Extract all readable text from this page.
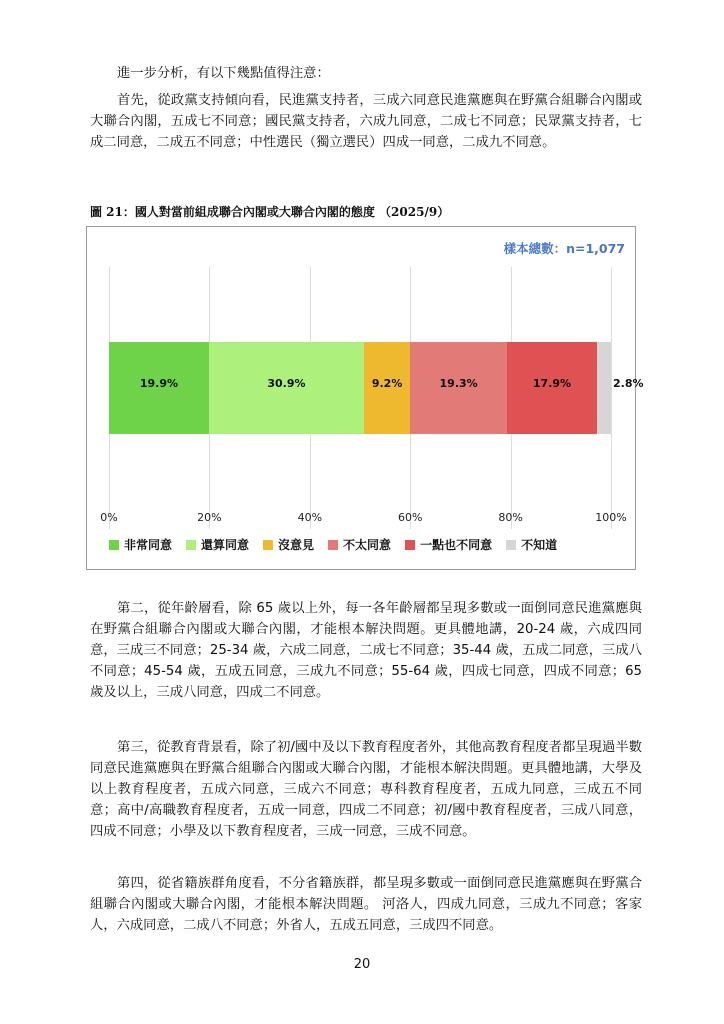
進一步分析，有以下幾點值得注意：
首先，從政黨支持傾向看，民進黨支持者，三成六同意民進黨應與在野黨合組聯合內閣或大聯合內閣，五成七不同意；國民黨支持者，六成九同意，二成七不同意；民眾黨支持者，七成二同意，二成五不同意；中性選民（獨立選民）四成一同意，二成九不同意。
圖 21：國人對當前組成聯合內閣或大聯合內閣的態度 （2025/9）
樣本總數：n=1,077
0%	20%	40%	60%	80%	100%
19.9%	30.9%	9.2%	19.3%	17.9%	2.8%
非常同意	還算同意	沒意見	不太同意	一點也不同意	不知道
第二，從年齡層看，除 65 歲以上外，每一各年齡層都呈現多數或一面倒同意民進黨應與在野黨合組聯合內閣或大聯合內閣，才能根本解決問題。更具體地講，20-24 歲，六成四同意，三成三不同意；25-34 歲，六成二同意，二成七不同意；35-44 歲，五成二同意，三成八不同意；45-54 歲，五成五同意，三成九不同意；55-64 歲，四成七同意，四成不同意；65 歲及以上，三成八同意，四成二不同意。
第三，從教育背景看，除了初/國中及以下教育程度者外，其他高教育程度者都呈現過半數同意民進黨應與在野黨合組聯合內閣或大聯合內閣，才能根本解決問題。更具體地講，大學及以上教育程度者，五成六同意，三成六不同意；專科教育程度者，五成九同意，三成五不同意；高中/高職教育程度者，五成一同意，四成二不同意；初/國中教育程度者，三成八同意，四成不同意；小學及以下教育程度者，三成一同意，三成不同意。
第四，從省籍族群角度看，不分省籍族群，都呈現多數或一面倒同意民進黨應與在野黨合組聯合內閣或大聯合內閣，才能根本解決問題。 河洛人，四成九同意，三成九不同意；客家人，六成同意，二成八不同意；外省人，五成五同意，三成四不同意。
20
